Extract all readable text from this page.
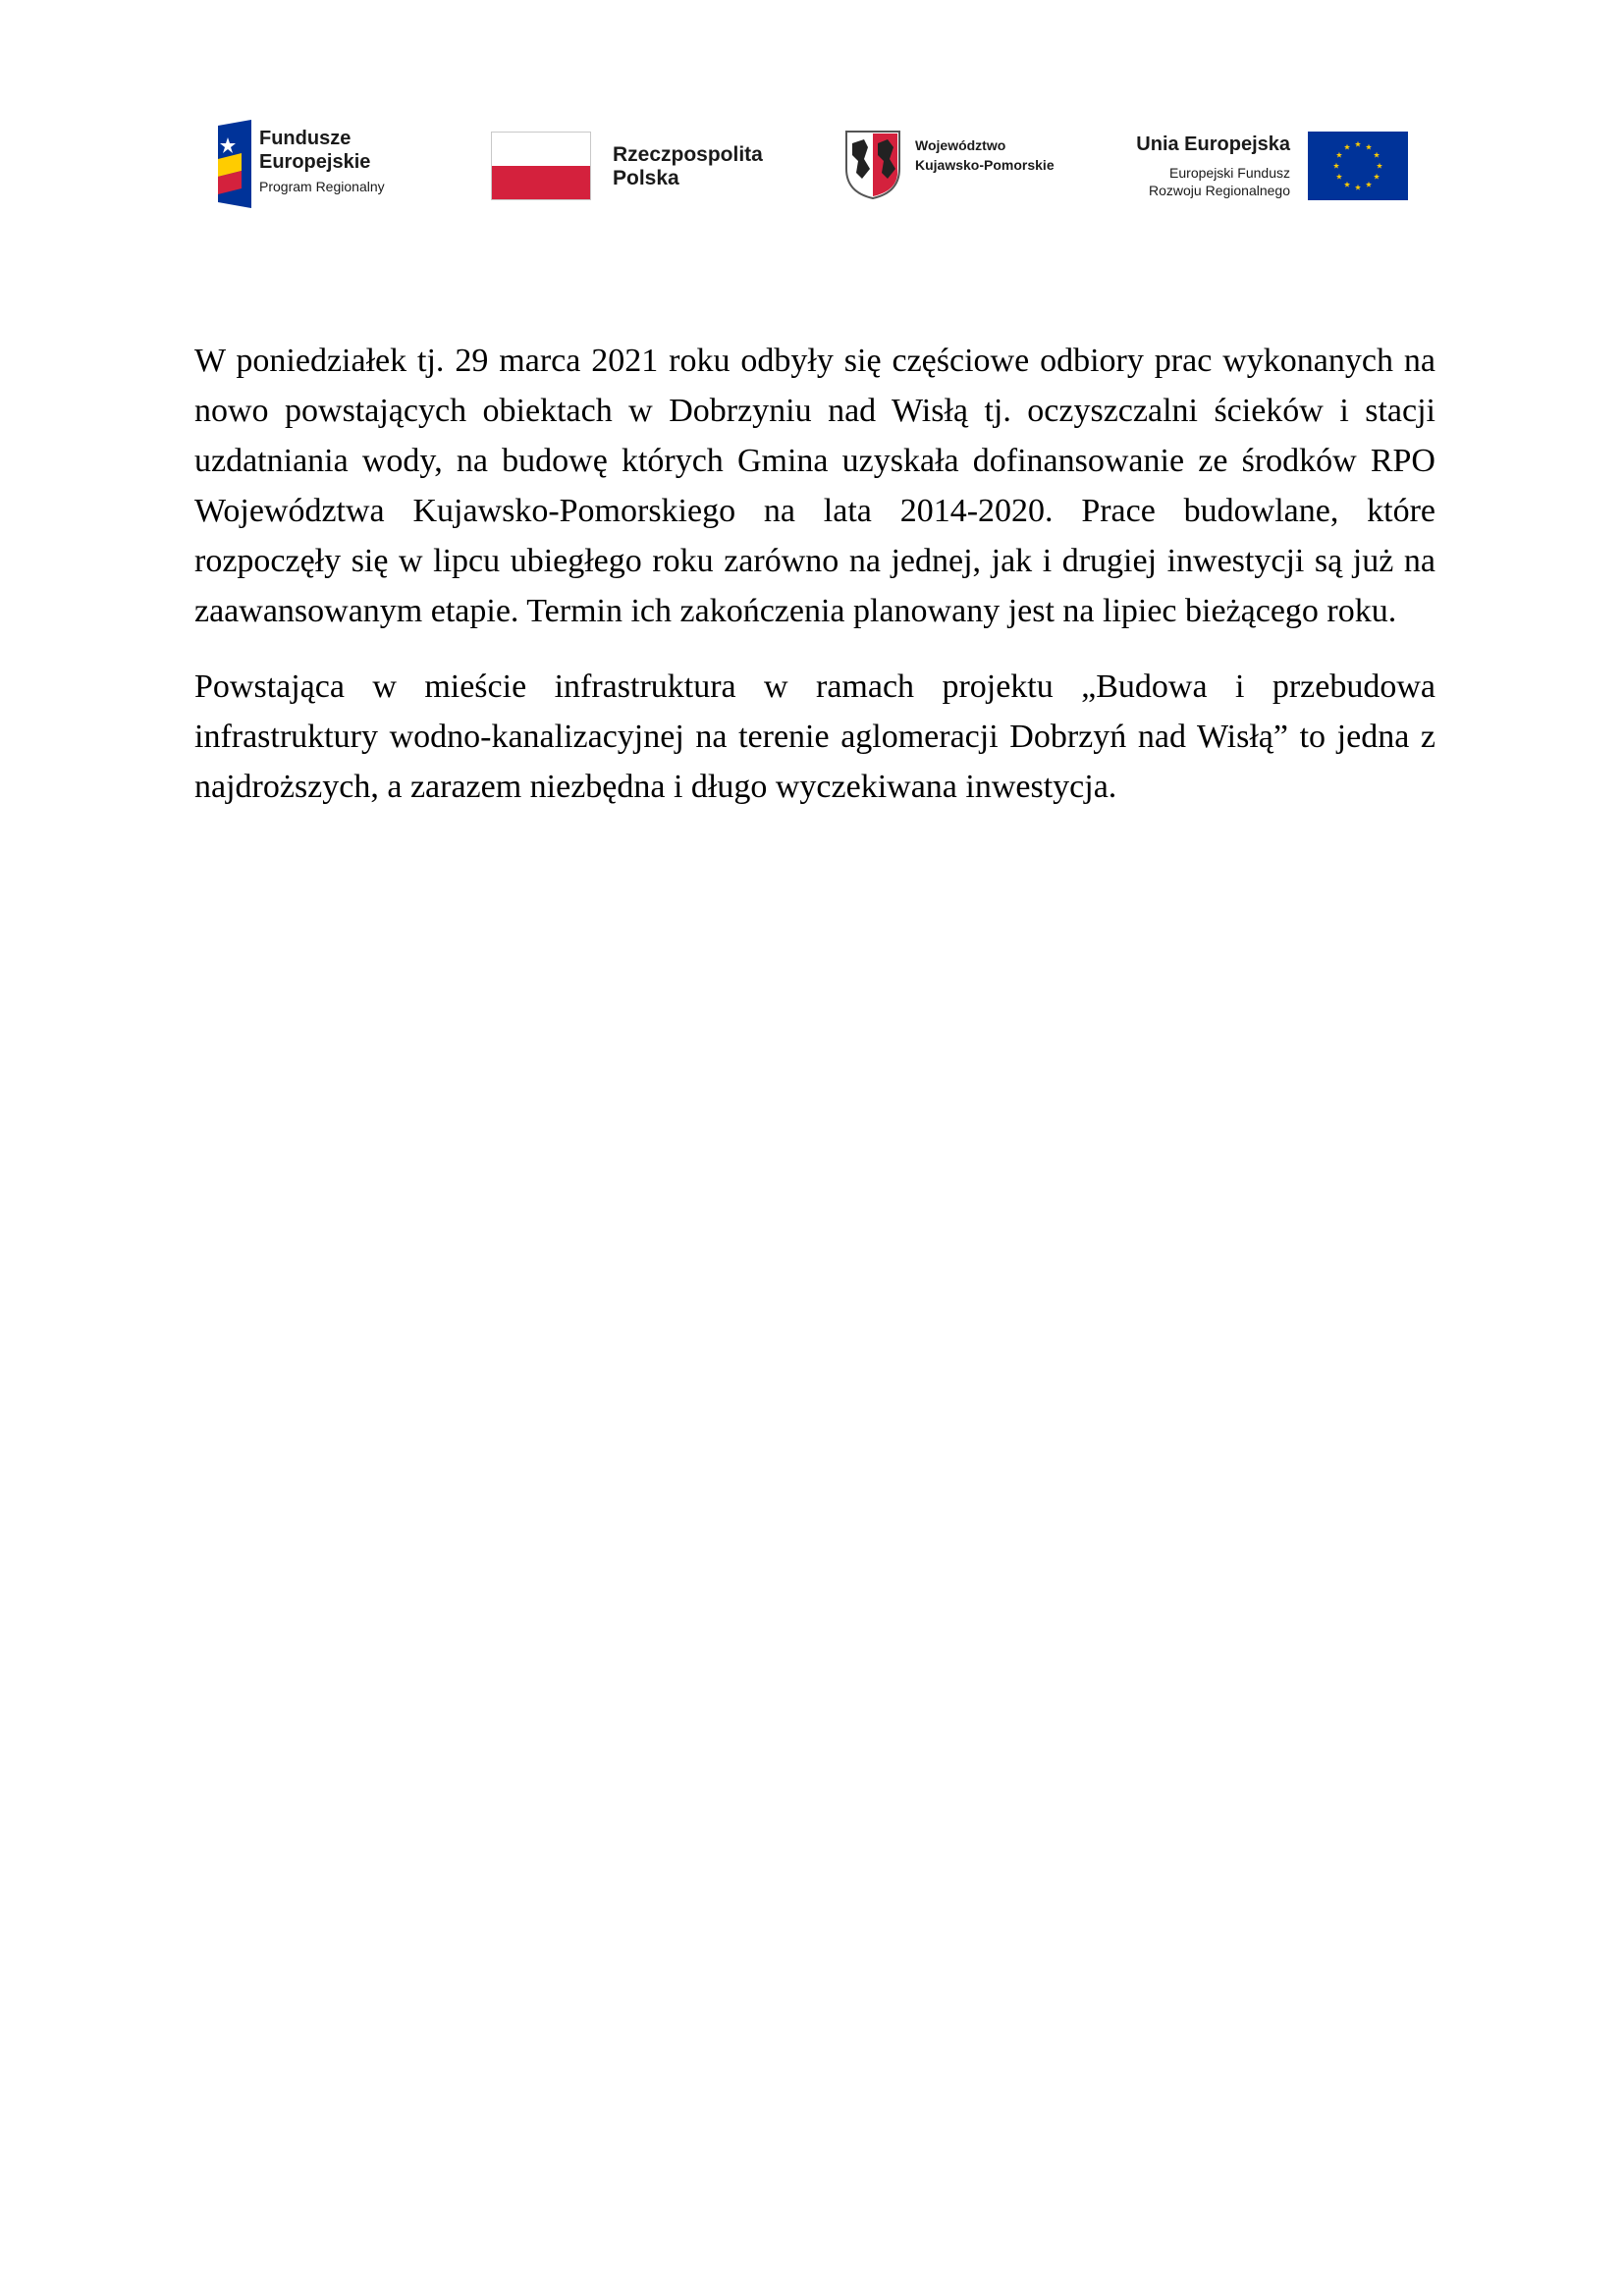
Fundusze
Europejskie
Program Regionalny
Rzeczpospolita
Polska
Województwo
Kujawsko-Pomorskie
Unia Europejska
Europejski Fundusz
Rozwoju Regionalnego

W poniedziałek tj. 29 marca 2021 roku odbyły się częściowe odbiory prac wykonanych na nowo powstających obiektach w Dobrzyniu nad Wisłą tj. oczyszczalni ścieków i stacji uzdatniania wody, na budowę których Gmina uzyskała dofinansowanie ze środków RPO Województwa Kujawsko-Pomorskiego na lata 2014-2020. Prace budowlane, które rozpoczęły się w lipcu ubiegłego roku zarówno na jednej, jak i drugiej inwestycji są już na zaawansowanym etapie. Termin ich zakończenia planowany jest na lipiec bieżącego roku.

Powstająca w mieście infrastruktura w ramach projektu „Budowa i przebudowa infrastruktury wodno-kanalizacyjnej na terenie aglomeracji Dobrzyń nad Wisłą” to jedna z najdroższych, a zarazem niezbędna i długo wyczekiwana inwestycja.
